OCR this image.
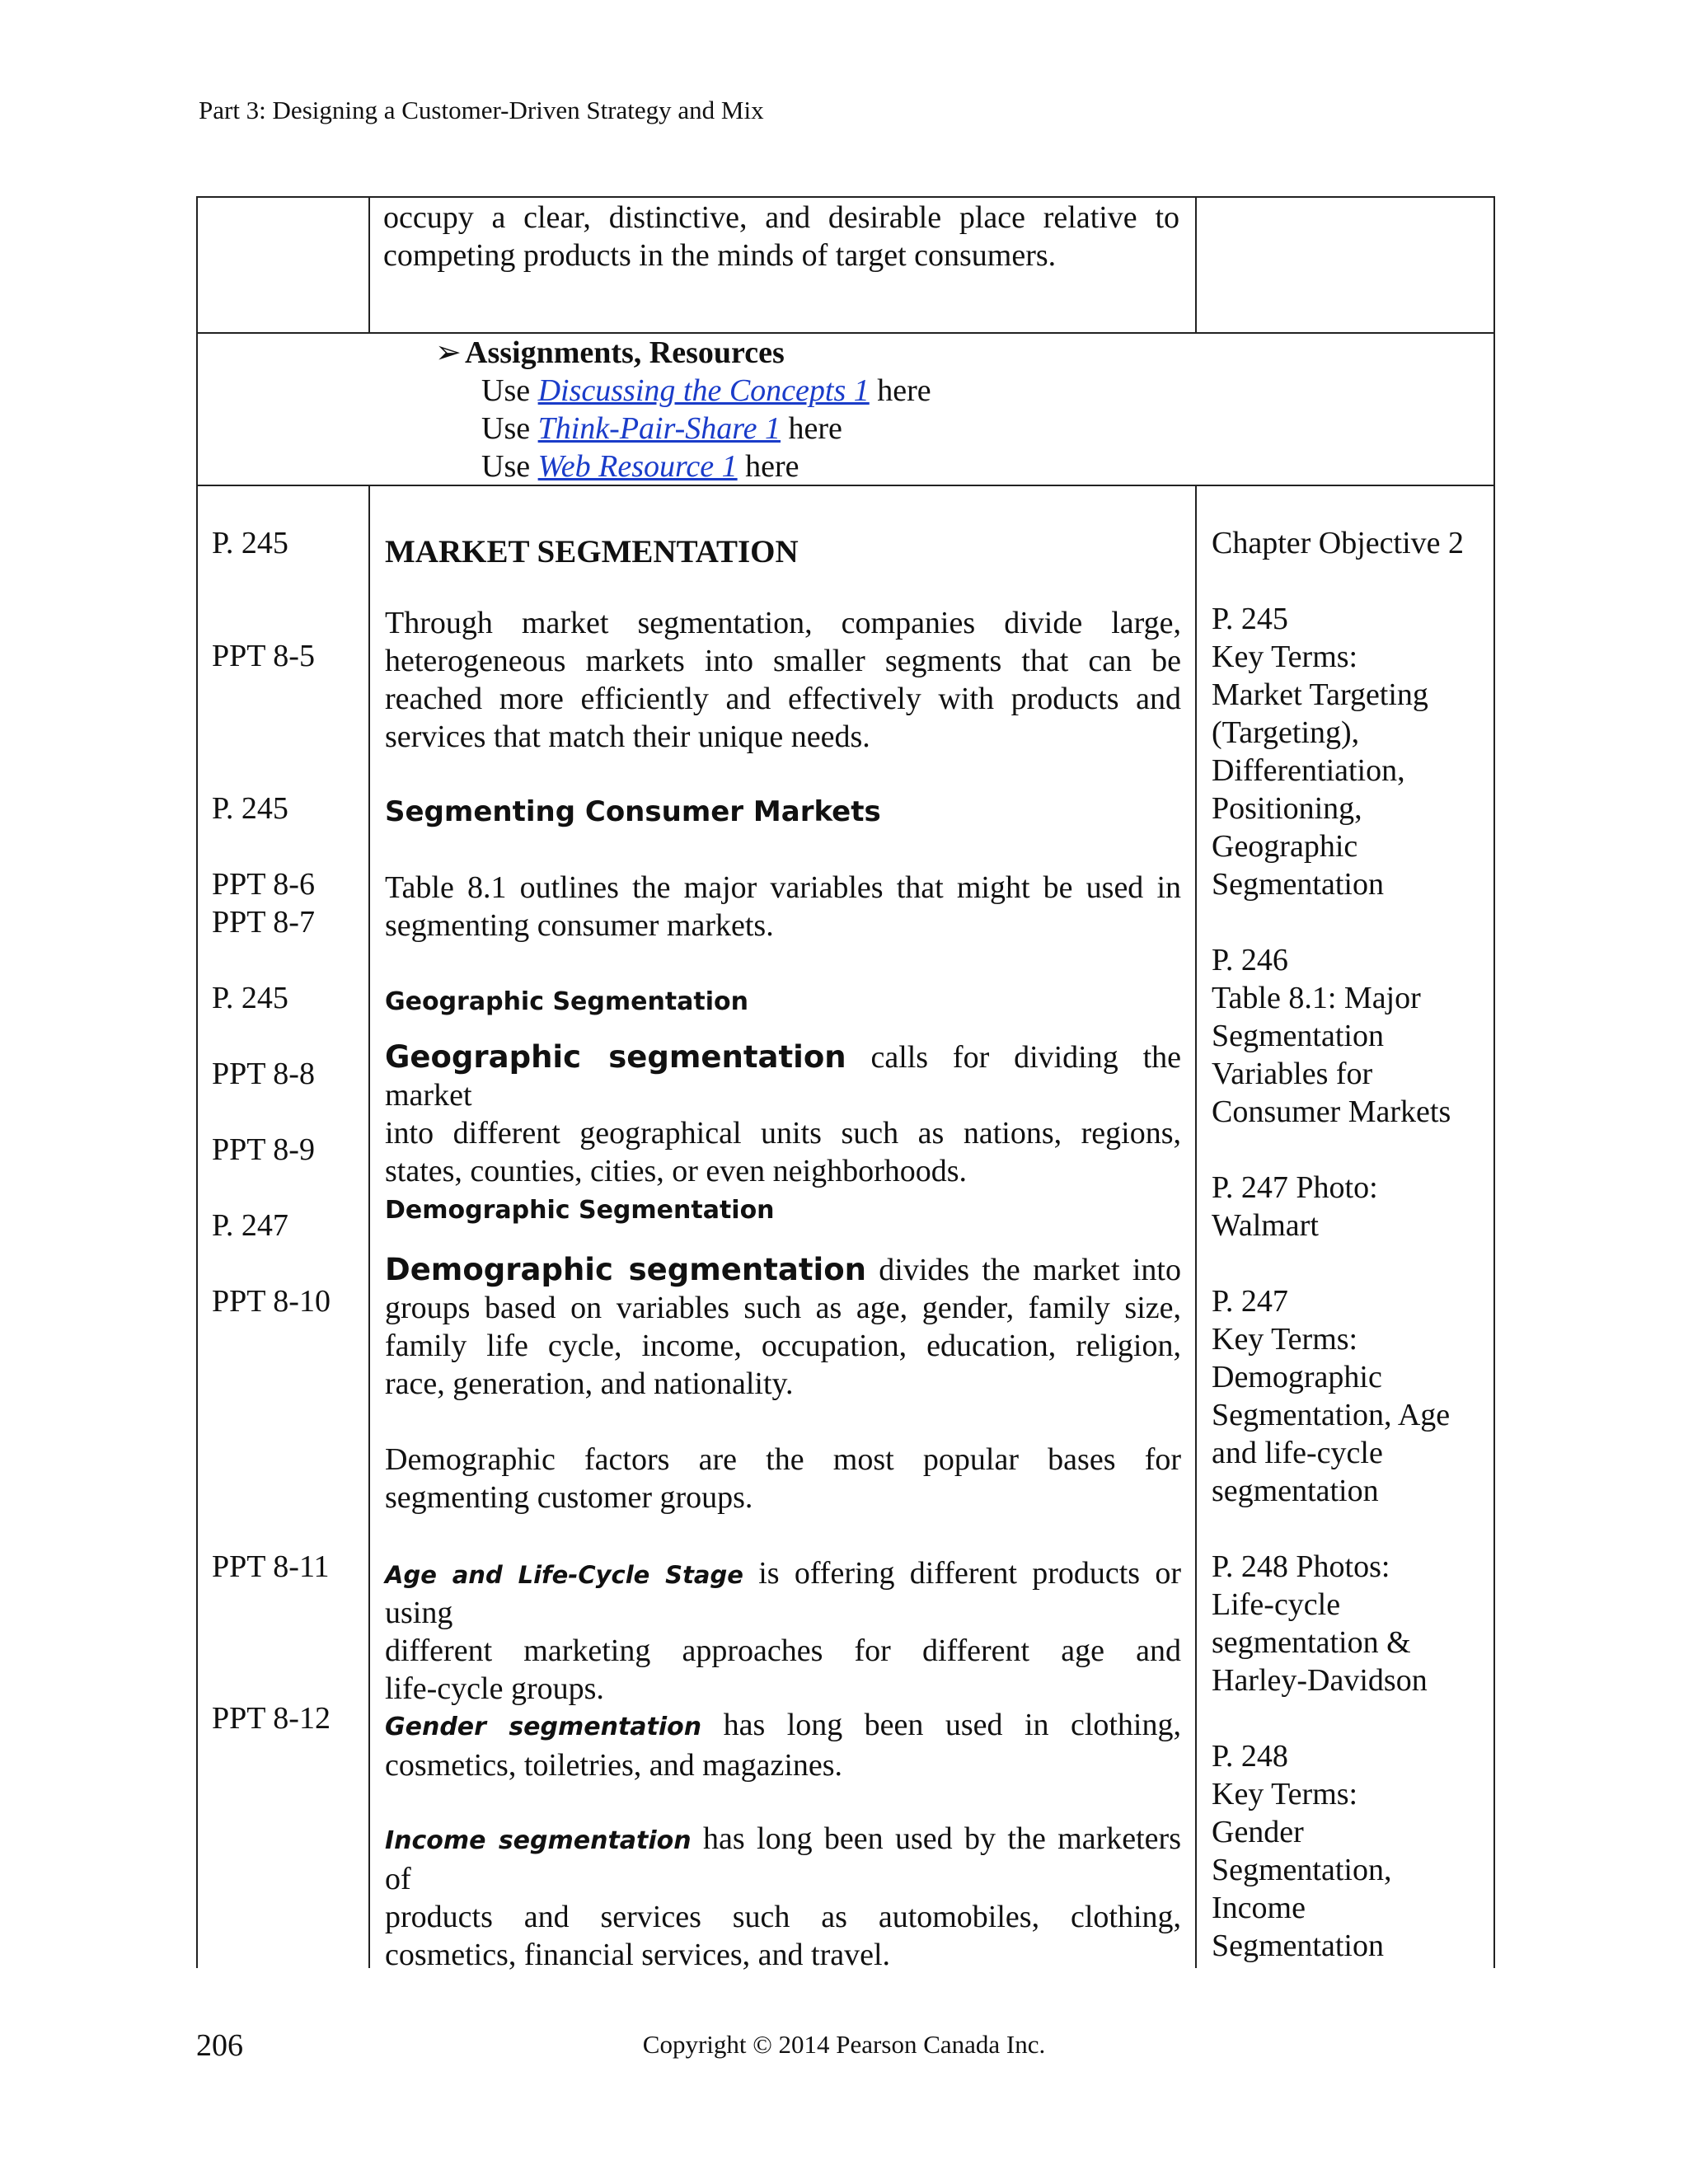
Part 3: Designing a Customer-Driven Strategy and Mix
occupy a clear, distinctive, and desirable place relative to
competing products in the minds of target consumers.
➢ Assignments, Resources
Use Discussing the Concepts 1 here
Use Think-Pair-Share 1 here
Use Web Resource 1 here
P. 245
PPT 8-5
P. 245
PPT 8-6
PPT 8-7
P. 245
PPT 8-8
PPT 8-9
P. 247
PPT 8-10
PPT 8-11
PPT 8-12
MARKET SEGMENTATION
Through market segmentation, companies divide large,
heterogeneous markets into smaller segments that can be
reached more efficiently and effectively with products and
services that match their unique needs.
Segmenting Consumer Markets
Table 8.1 outlines the major variables that might be used in
segmenting consumer markets.
Geographic Segmentation
Geographic segmentation calls for dividing the market
into different geographical units such as nations, regions,
states, counties, cities, or even neighborhoods.
Demographic Segmentation
Demographic segmentation divides the market into
groups based on variables such as age, gender, family size,
family life cycle, income, occupation, education, religion,
race, generation, and nationality.
Demographic factors are the most popular bases for
segmenting customer groups.
Age and Life-Cycle Stage is offering different products or using
different marketing approaches for different age and
life-cycle groups.
Gender segmentation has long been used in clothing,
cosmetics, toiletries, and magazines.
Income segmentation has long been used by the marketers of
products and services such as automobiles, clothing,
cosmetics, financial services, and travel.
Chapter Objective 2
P. 245
Key Terms:
Market Targeting
(Targeting),
Differentiation,
Positioning,
Geographic
Segmentation
P. 246
Table 8.1: Major
Segmentation
Variables for
Consumer Markets
P. 247 Photo:
Walmart
P. 247
Key Terms:
Demographic
Segmentation, Age
and life-cycle
segmentation
P. 248 Photos:
Life-cycle
segmentation &
Harley-Davidson
P. 248
Key Terms:
Gender
Segmentation,
Income
Segmentation
206	Copyright © 2014 Pearson Canada Inc.
